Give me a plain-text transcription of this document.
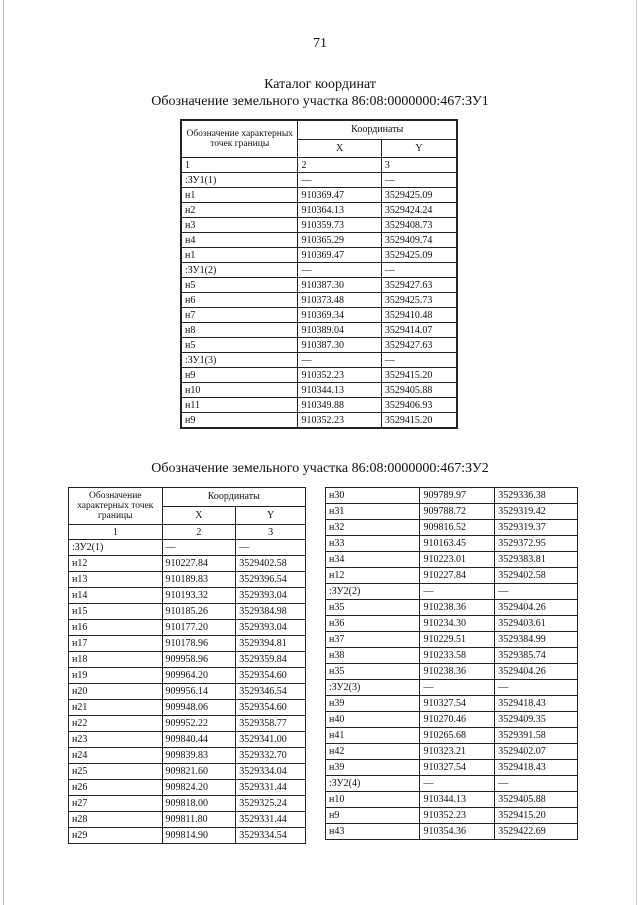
71
Каталог координат
Обозначение земельного участка 86:08:0000000:467:ЗУ1
Обозначение характерных точек границы	Координаты	
	X	Y
1	2	3
:ЗУ1(1)	—	—
н1	910369.47	3529425.09
н2	910364.13	3529424.24
н3	910359.73	3529408.73
н4	910365.29	3529409.74
н1	910369.47	3529425.09
:ЗУ1(2)	—	—
н5	910387.30	3529427.63
н6	910373.48	3529425.73
н7	910369.34	3529410.48
н8	910389.04	3529414.07
н5	910387.30	3529427.63
:ЗУ1(3)	—	—
н9	910352.23	3529415.20
н10	910344.13	3529405.88
н11	910349.88	3529406.93
н9	910352.23	3529415.20
Обозначение земельного участка 86:08:0000000:467:ЗУ2
Обозначение характерных точек границы	Координаты	
	X	Y
1	2	3
:ЗУ2(1)	—	—
н12	910227.84	3529402.58
н13	910189.83	3529396.54
н14	910193.32	3529393.04
н15	910185.26	3529384.98
н16	910177.20	3529393.04
н17	910178.96	3529394.81
н18	909958.96	3529359.84
н19	909964.20	3529354.60
н20	909956.14	3529346.54
н21	909948.06	3529354.60
н22	909952.22	3529358.77
н23	909840.44	3529341.00
н24	909839.83	3529332.70
н25	909821.60	3529334.04
н26	909824.20	3529331.44
н27	909818.00	3529325.24
н28	909811.80	3529331.44
н29	909814.90	3529334.54
н30	909789.97	3529336.38
н31	909788.72	3529319.42
н32	909816.52	3529319.37
н33	910163.45	3529372.95
н34	910223.01	3529383.81
н12	910227.84	3529402.58
:ЗУ2(2)	—	—
н35	910238.36	3529404.26
н36	910234.30	3529403.61
н37	910229.51	3529384.99
н38	910233.58	3529385.74
н35	910238.36	3529404.26
:ЗУ2(3)	—	—
н39	910327.54	3529418.43
н40	910270.46	3529409.35
н41	910265.68	3529391.58
н42	910323.21	3529402.07
н39	910327.54	3529418.43
:ЗУ2(4)	—	—
н10	910344.13	3529405.88
н9	910352.23	3529415.20
н43	910354.36	3529422.69
